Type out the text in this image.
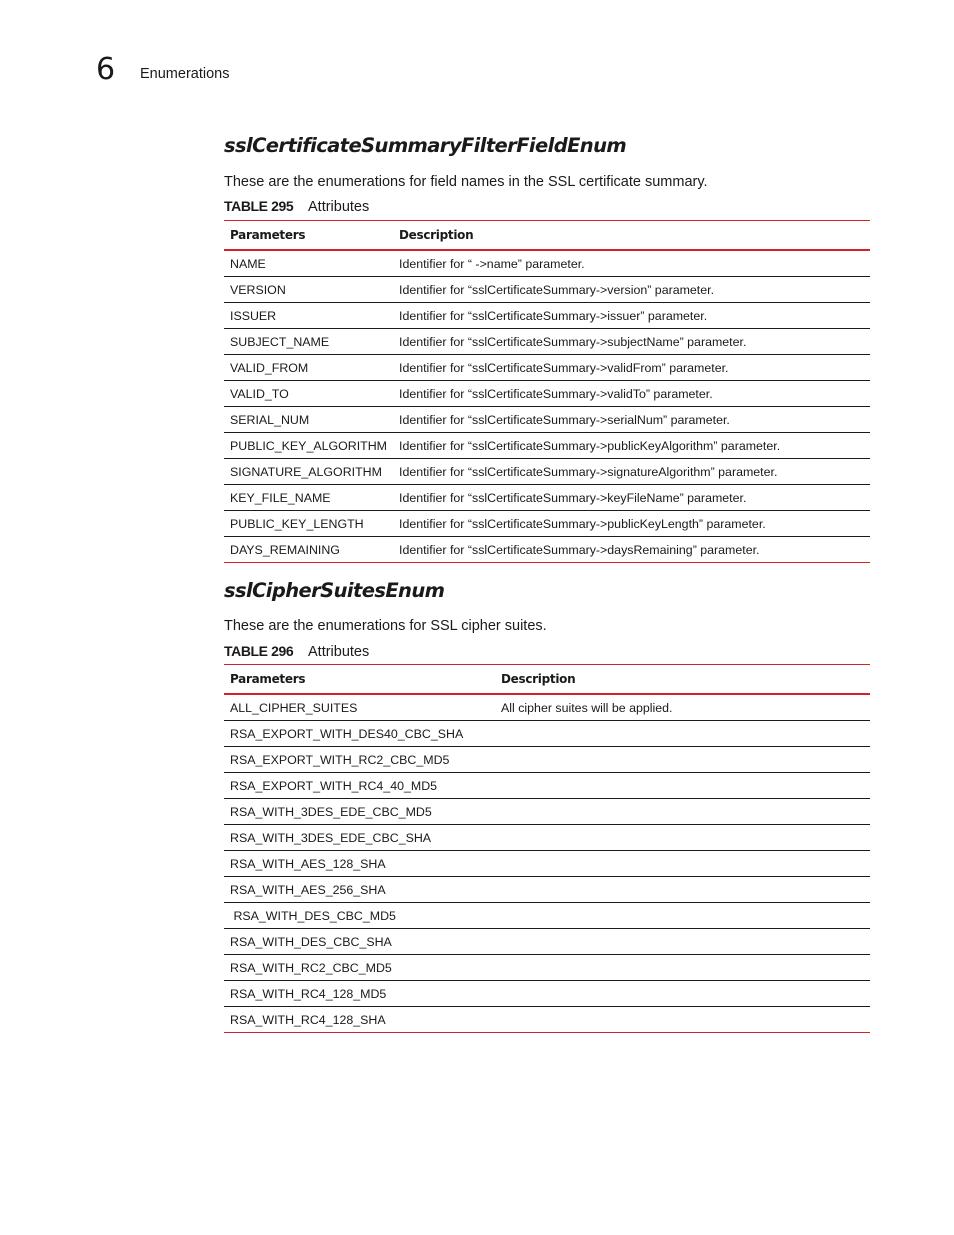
6 Enumerations
sslCertificateSummaryFilterFieldEnum
These are the enumerations for field names in the SSL certificate summary.
TABLE 295 Attributes
Parameters	Description
NAME	Identifier for “ ->name” parameter.
VERSION	Identifier for “sslCertificateSummary->version” parameter.
ISSUER	Identifier for “sslCertificateSummary->issuer” parameter.
SUBJECT_NAME	Identifier for “sslCertificateSummary->subjectName” parameter.
VALID_FROM	Identifier for “sslCertificateSummary->validFrom” parameter.
VALID_TO	Identifier for “sslCertificateSummary->validTo” parameter.
SERIAL_NUM	Identifier for “sslCertificateSummary->serialNum” parameter.
PUBLIC_KEY_ALGORITHM	Identifier for “sslCertificateSummary->publicKeyAlgorithm” parameter.
SIGNATURE_ALGORITHM	Identifier for “sslCertificateSummary->signatureAlgorithm” parameter.
KEY_FILE_NAME	Identifier for “sslCertificateSummary->keyFileName” parameter.
PUBLIC_KEY_LENGTH	Identifier for “sslCertificateSummary->publicKeyLength” parameter.
DAYS_REMAINING	Identifier for “sslCertificateSummary->daysRemaining” parameter.
sslCipherSuitesEnum
These are the enumerations for SSL cipher suites.
TABLE 296 Attributes
Parameters	Description
ALL_CIPHER_SUITES	All cipher suites will be applied.
RSA_EXPORT_WITH_DES40_CBC_SHA	
RSA_EXPORT_WITH_RC2_CBC_MD5	
RSA_EXPORT_WITH_RC4_40_MD5	
RSA_WITH_3DES_EDE_CBC_MD5	
RSA_WITH_3DES_EDE_CBC_SHA	
RSA_WITH_AES_128_SHA	
RSA_WITH_AES_256_SHA	
RSA_WITH_DES_CBC_MD5	
RSA_WITH_DES_CBC_SHA	
RSA_WITH_RC2_CBC_MD5	
RSA_WITH_RC4_128_MD5	
RSA_WITH_RC4_128_SHA	
